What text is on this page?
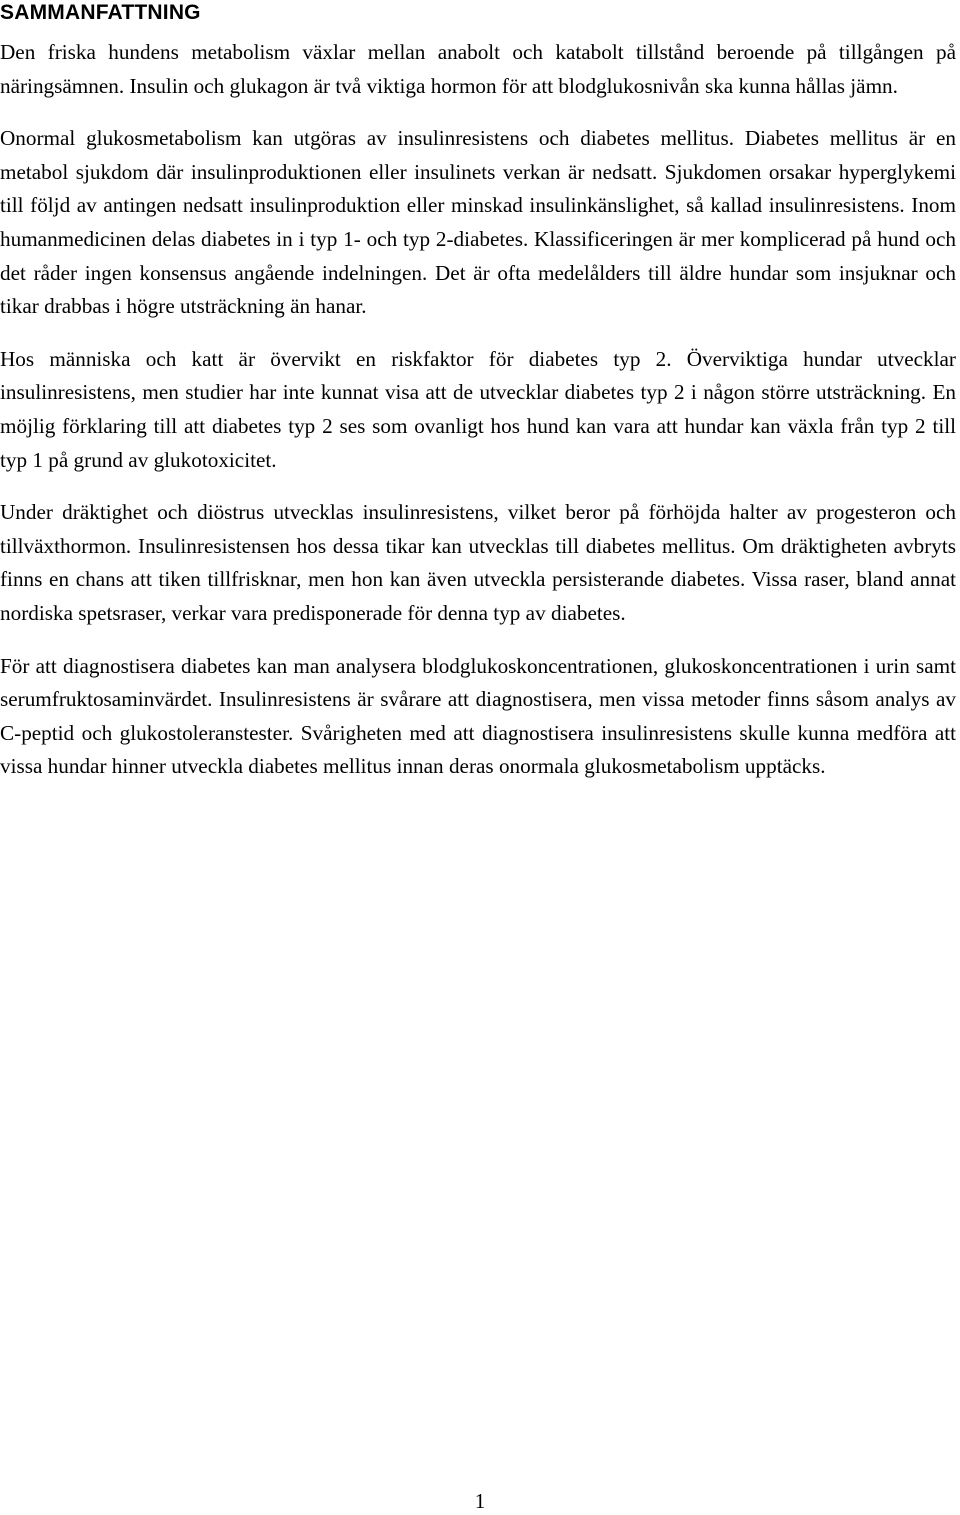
SAMMANFATTNING

Den friska hundens metabolism växlar mellan anabolt och katabolt tillstånd beroende på tillgången på näringsämnen. Insulin och glukagon är två viktiga hormon för att blodglukosnivån ska kunna hållas jämn.

Onormal glukosmetabolism kan utgöras av insulinresistens och diabetes mellitus. Diabetes mellitus är en metabol sjukdom där insulinproduktionen eller insulinets verkan är nedsatt. Sjukdomen orsakar hyperglykemi till följd av antingen nedsatt insulinproduktion eller minskad insulinkänslighet, så kallad insulinresistens. Inom humanmedicinen delas diabetes in i typ 1- och typ 2-diabetes. Klassificeringen är mer komplicerad på hund och det råder ingen konsensus angående indelningen. Det är ofta medelålders till äldre hundar som insjuknar och tikar drabbas i högre utsträckning än hanar.

Hos människa och katt är övervikt en riskfaktor för diabetes typ 2. Överviktiga hundar utvecklar insulinresistens, men studier har inte kunnat visa att de utvecklar diabetes typ 2 i någon större utsträckning. En möjlig förklaring till att diabetes typ 2 ses som ovanligt hos hund kan vara att hundar kan växla från typ 2 till typ 1 på grund av glukotoxicitet.

Under dräktighet och diöstrus utvecklas insulinresistens, vilket beror på förhöjda halter av progesteron och tillväxthormon. Insulinresistensen hos dessa tikar kan utvecklas till diabetes mellitus. Om dräktigheten avbryts finns en chans att tiken tillfrisknar, men hon kan även utveckla persisterande diabetes. Vissa raser, bland annat nordiska spetsraser, verkar vara predisponerade för denna typ av diabetes.

För att diagnostisera diabetes kan man analysera blodglukoskoncentrationen, glukoskoncentrationen i urin samt serumfruktosaminvärdet. Insulinresistens är svårare att diagnostisera, men vissa metoder finns såsom analys av C-peptid och glukostoleranstester. Svårigheten med att diagnostisera insulinresistens skulle kunna medföra att vissa hundar hinner utveckla diabetes mellitus innan deras onormala glukosmetabolism upptäcks.

1
